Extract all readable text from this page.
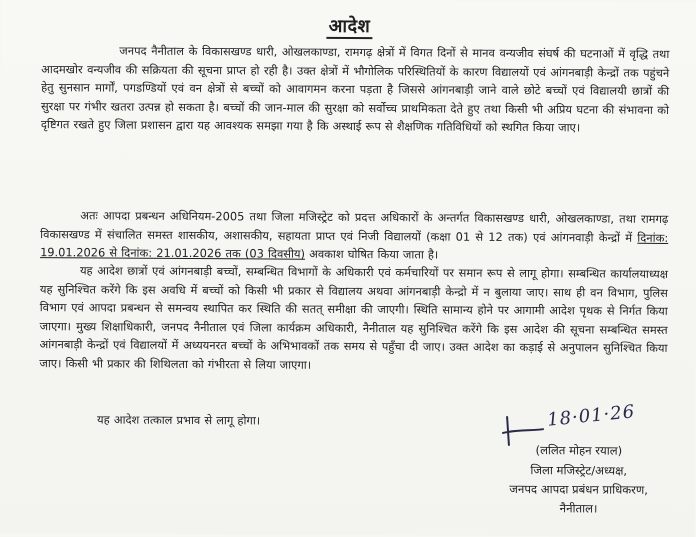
आदेश
जनपद नैनीताल के विकासखण्ड धारी, ओखलकाण्डा, रामगढ़ क्षेत्रों में विगत दिनों से मानव वन्यजीव संघर्ष की घटनाओं में वृद्धि तथा आदमखोर वन्यजीव की सक्रियता की सूचना प्राप्त हो रही है। उक्त क्षेत्रों में भौगोलिक परिस्थितियों के कारण विद्यालयों एवं आंगनबाड़ी केन्द्रों तक पहुंचने हेतु सुनसान मार्गों, पगडण्डियों एवं वन क्षेत्रों से बच्चों को आवागमन करना पड़ता है जिससे आंगनबाड़ी जाने वाले छोटे बच्चों एवं विद्यालयी छात्रों की सुरक्षा पर गंभीर खतरा उत्पन्न हो सकता है। बच्चों की जान-माल की सुरक्षा को सर्वोच्च प्राथमिकता देते हुए तथा किसी भी अप्रिय घटना की संभावना को दृष्टिगत रखते हुए जिला प्रशासन द्वारा यह आवश्यक समझा गया है कि अस्थाई रूप से शैक्षणिक गतिविधियों को स्थगित किया जाए।
अतः आपदा प्रबन्धन अधिनियम-2005 तथा जिला मजिस्ट्रेट को प्रदत्त अधिकारों के अन्तर्गत विकासखण्ड धारी, ओखलकाण्डा, तथा रामगढ़ विकासखण्ड में संचालित समस्त शासकीय, अशासकीय, सहायता प्राप्त एवं निजी विद्यालयों (कक्षा 01 से 12 तक) एवं आंगनवाड़ी केन्द्रों में दिनांक: 19.01.2026 से दिनांक: 21.01.2026 तक (03 दिवसीय) अवकाश घोषित किया जाता है।
यह आदेश छात्रों एवं आंगनबाड़ी बच्चों, सम्बन्धित विभागों के अधिकारी एवं कर्मचारियों पर समान रूप से लागू होगा। सम्बन्धित कार्यालयाध्यक्ष यह सुनिश्चित करेंगे कि इस अवधि में बच्चों को किसी भी प्रकार से विद्यालय अथवा आंगनबाड़ी केन्द्रो में न बुलाया जाए। साथ ही वन विभाग, पुलिस विभाग एवं आपदा प्रबन्धन से समन्वय स्थापित कर स्थिति की सतत् समीक्षा की जाएगी। स्थिति सामान्य होने पर आगामी आदेश पृथक से निर्गत किया जाएगा। मुख्य शिक्षाधिकारी, जनपद नैनीताल एवं जिला कार्यक्रम अधिकारी, नैनीताल यह सुनिश्चित करेंगे कि इस आदेश की सूचना सम्बन्धित समस्त आंगनबाड़ी केन्द्रों एवं विद्यालयों में अध्ययनरत बच्चों के अभिभावकों तक समय से पहुँचा दी जाए। उक्त आदेश का कड़ाई से अनुपालन सुनिश्चित किया जाए। किसी भी प्रकार की शिथिलता को गंभीरता से लिया जाएगा।
यह आदेश तत्काल प्रभाव से लागू होगा।	18·01·26
(ललित मोहन रयाल)
जिला मजिस्ट्रेट/अध्यक्ष,
जनपद आपदा प्रबंधन प्राधिकरण,
नैनीताल।
